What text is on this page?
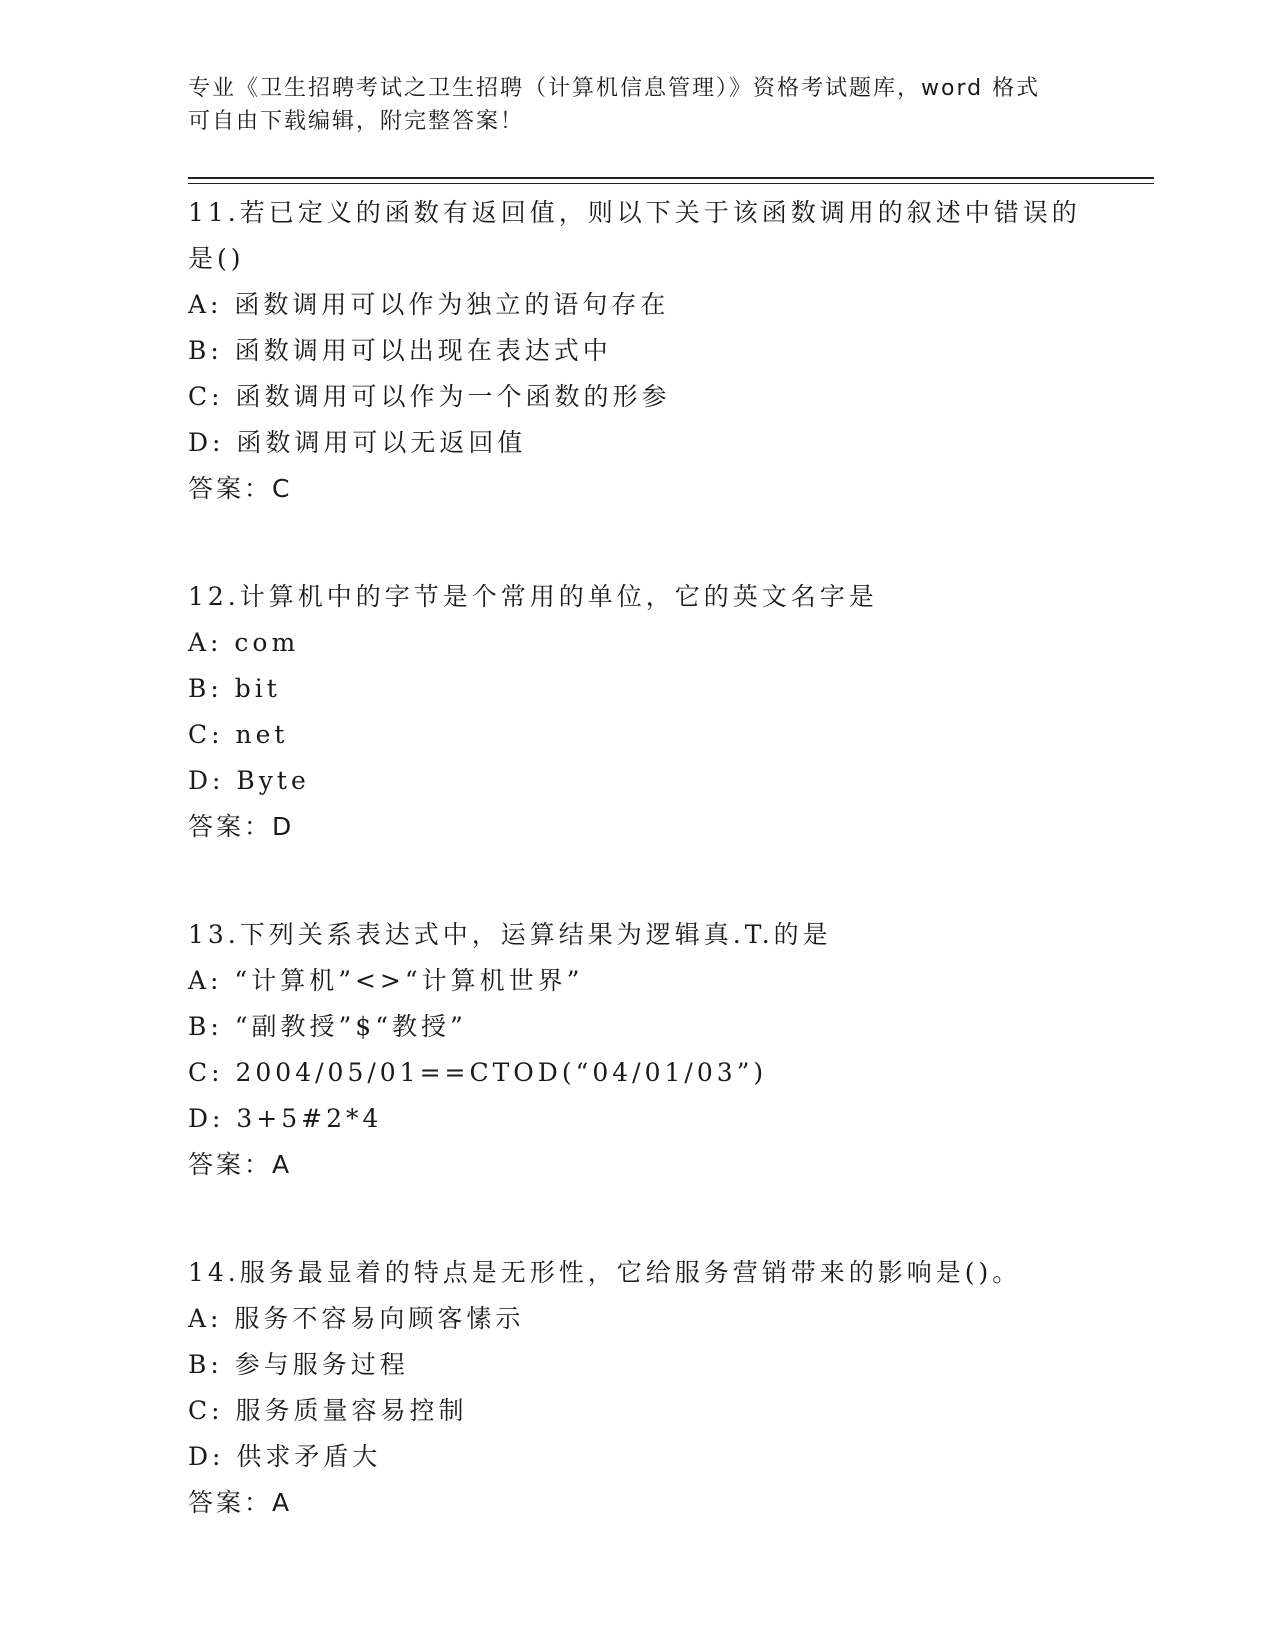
专业《卫生招聘考试之卫生招聘（计算机信息管理）》资格考试题库，word 格式
可自由下载编辑，附完整答案！

11.若已定义的函数有返回值，则以下关于该函数调用的叙述中错误的

是()

A: 函数调用可以作为独立的语句存在

B: 函数调用可以出现在表达式中

C: 函数调用可以作为一个函数的形参

D: 函数调用可以无返回值

答案：C

12.计算机中的字节是个常用的单位，它的英文名字是

A: com

B: bit

C: net

D: Byte

答案：D

13.下列关系表达式中，运算结果为逻辑真.T.的是

A: “计算机”<>“计算机世界”

B: “副教授”$“教授”

C: 2004/05/01==CTOD(“04/01/03”)

D: 3+5#2*4

答案：A

14.服务最显着的特点是无形性，它给服务营销带来的影响是()。

A: 服务不容易向顾客愫示

B: 参与服务过程

C: 服务质量容易控制

D: 供求矛盾大

答案：A
